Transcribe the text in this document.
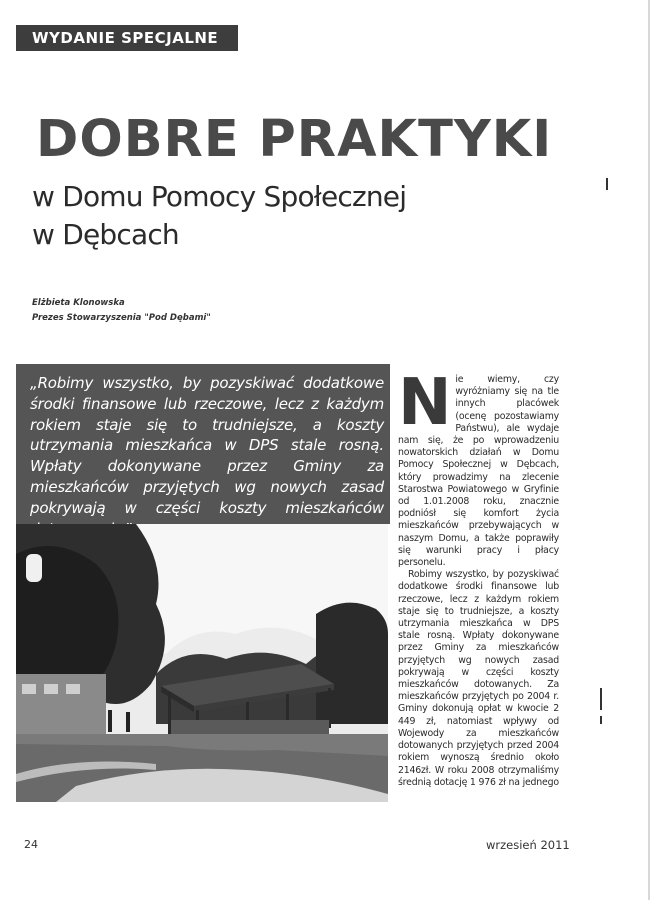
WYDANIE SPECJALNE
DOBRE PRAKTYKI
w Domu Pomocy Społecznej
w Dębcach
Elżbieta Klonowska
Prezes Stowarzyszenia "Pod Dębami"
„Robimy wszystko, by pozyskiwać dodatkowe środki finansowe lub rzeczowe, lecz z każdym rokiem staje się to trudniejsze, a koszty utrzymania mieszkańca w DPS stale rosną. Wpłaty dokonywane przez Gminy za mieszkańców przyjętych wg nowych zasad pokrywają w części koszty mieszkańców

Nie wiemy, czy wyróżniamy się na tle innych placówek (ocenę pozostawiamy Państwu), ale wydaje nam się, że po wprowadzeniu nowatorskich działań w Domu Pomocy Społecznej w Dębcach, który prowadzimy na zlecenie Starostwa Powiatowego w Gryfinie od 1.01.2008 roku, znacznie podniósł się komfort życia mieszkańców przebywających w naszym Domu, a także poprawiły się warunki pracy i płacy personelu.

Robimy wszystko, by pozyskiwać dodatkowe środki finansowe lub rzeczowe, lecz z każdym rokiem staje się to trudniejsze, a koszty utrzymania mieszkańca w DPS stale rosną. Wpłaty dokonywane przez Gminy za mieszkańców przyjętych wg nowych zasad pokrywają w części koszty mieszkańców dotowanych. Za mieszkańców przyjętych po 2004 r. Gminy dokonują opłat w kwocie 2 449 zł, natomiast wpływy od Wojewody za mieszkańców dotowanych przyjętych przed 2004 rokiem wynoszą średnio około 2146zł. W roku 2008 otrzymaliśmy średnią dotację 1 976 zł na jednego

24	wrzesień 2011
